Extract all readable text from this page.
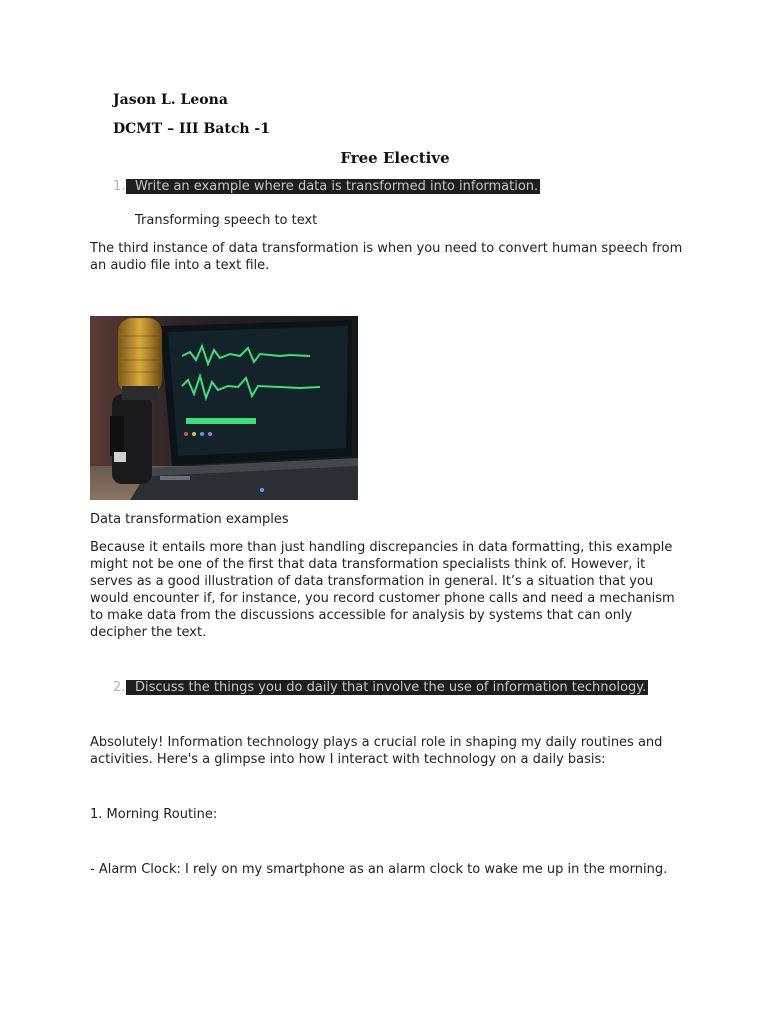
Jason L. Leona
DCMT – III Batch -1
Free Elective
1. Write an example where data is transformed into information.
Transforming speech to text
The third instance of data transformation is when you need to convert human speech from an audio file into a text file.
Data transformation examples
Because it entails more than just handling discrepancies in data formatting, this example might not be one of the first that data transformation specialists think of. However, it serves as a good illustration of data transformation in general. It’s a situation that you would encounter if, for instance, you record customer phone calls and need a mechanism to make data from the discussions accessible for analysis by systems that can only decipher the text.
2. Discuss the things you do daily that involve the use of information technology.
Absolutely! Information technology plays a crucial role in shaping my daily routines and activities. Here's a glimpse into how I interact with technology on a daily basis:
1. Morning Routine:
- Alarm Clock: I rely on my smartphone as an alarm clock to wake me up in the morning.
